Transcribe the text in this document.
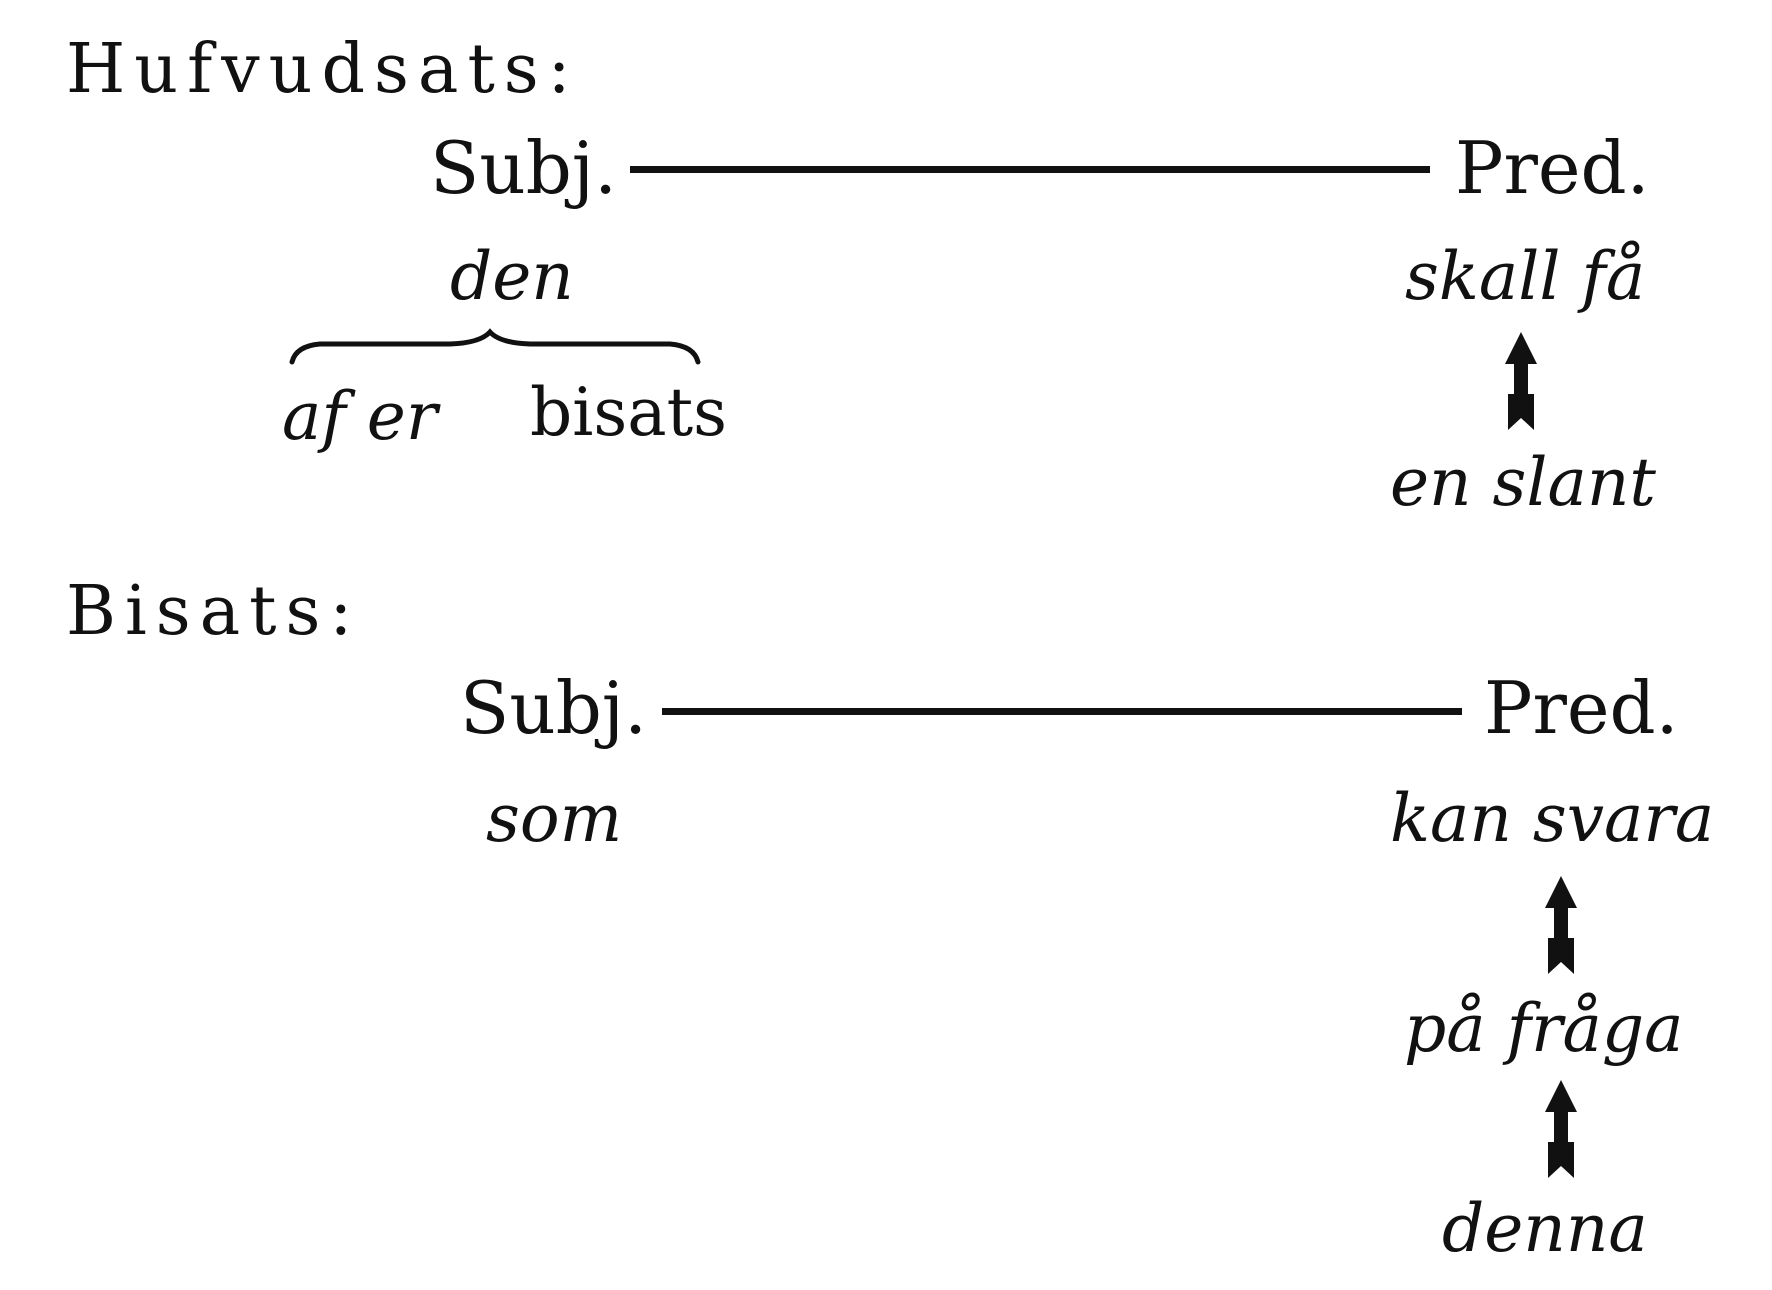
Hufvudsats:
Subj.	Pred.
den	skall få
af er bisats
en slant
Bisats:
Subj.	Pred.
som	kan svara
på fråga
denna
